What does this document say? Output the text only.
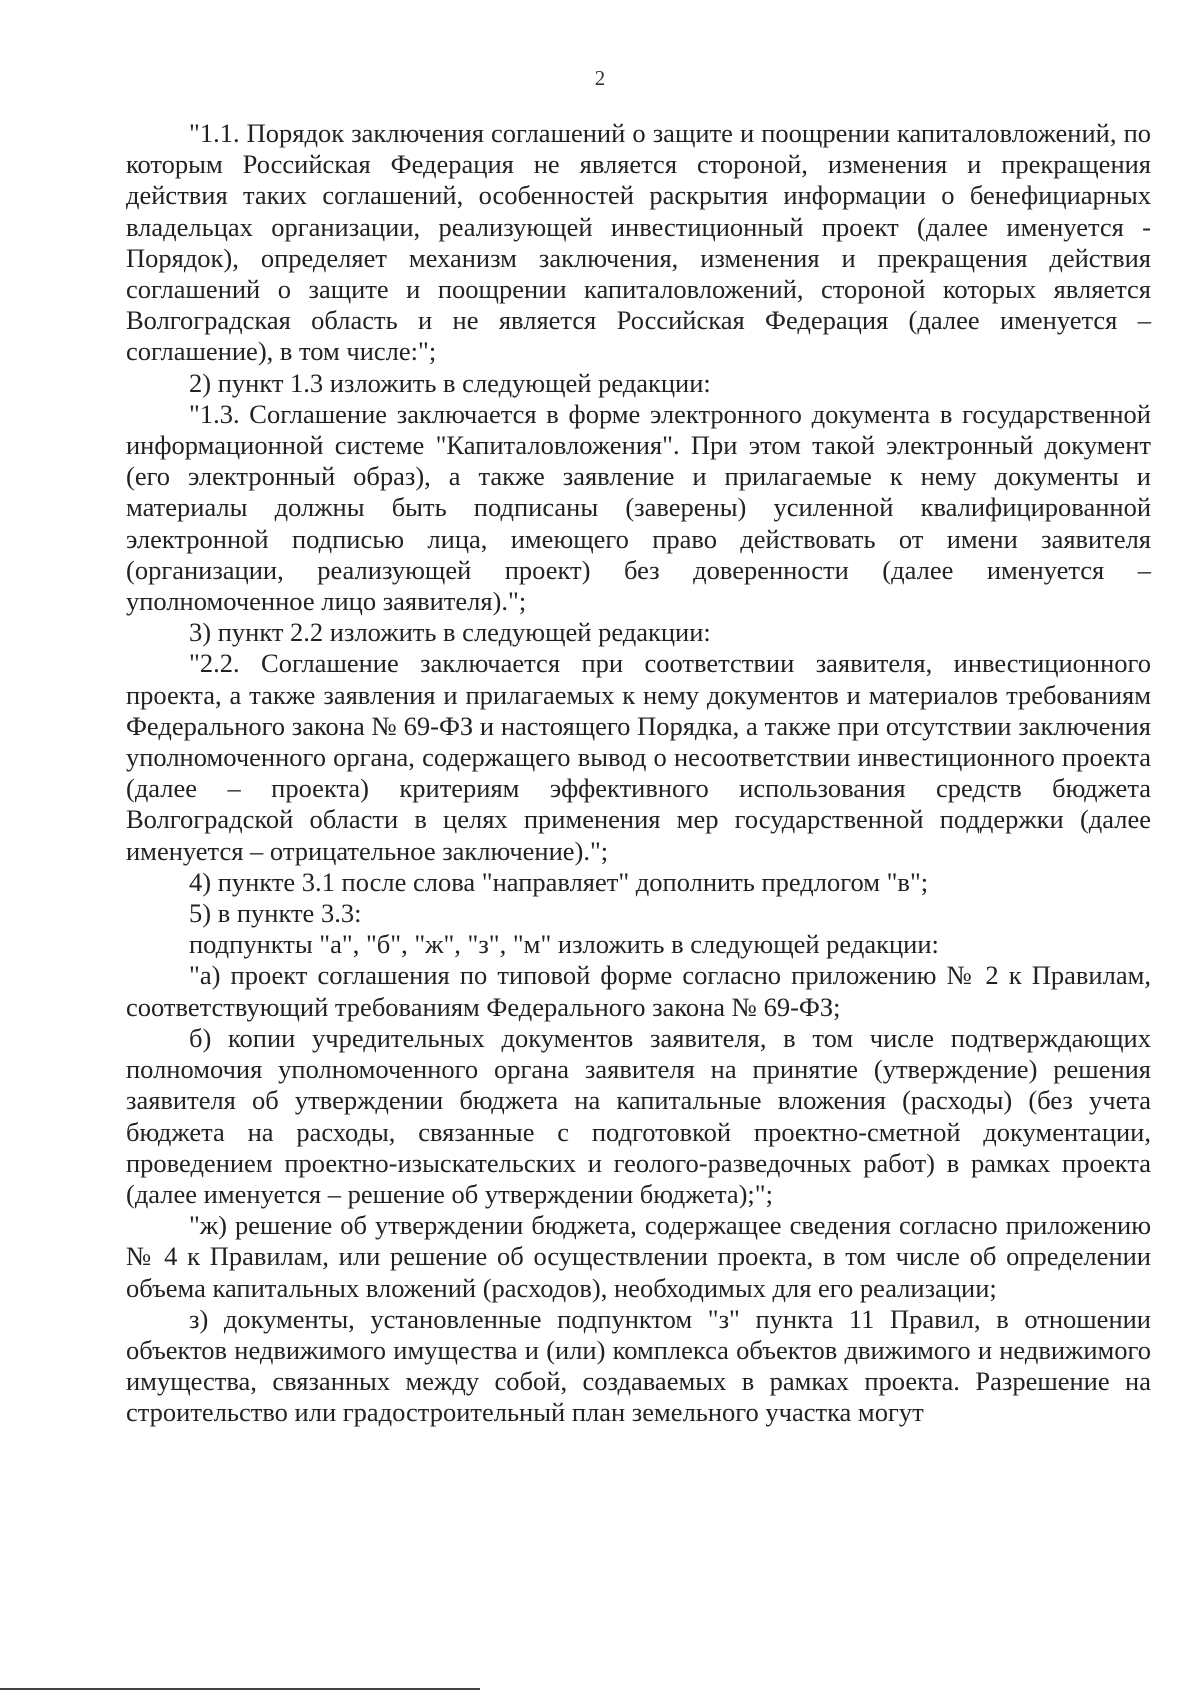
2

"1.1. Порядок заключения соглашений о защите и поощрении капиталовложений, по которым Российская Федерация не является стороной, изменения и прекращения действия таких соглашений, особенностей раскрытия информации о бенефициарных владельцах организации, реализующей инвестиционный проект (далее именуется - Порядок), определяет механизм заключения, изменения и прекращения действия соглашений о защите и поощрении капиталовложений, стороной которых является Волгоградская область и не является Российская Федерация (далее именуется – соглашение), в том числе:";

2) пункт 1.3 изложить в следующей редакции:

"1.3. Соглашение заключается в форме электронного документа в государственной информационной системе "Капиталовложения". При этом такой электронный документ (его электронный образ), а также заявление и прилагаемые к нему документы и материалы должны быть подписаны (заверены) усиленной квалифицированной электронной подписью лица, имеющего право действовать от имени заявителя (организации, реализующей проект) без доверенности (далее именуется – уполномоченное лицо заявителя).";

3) пункт 2.2 изложить в следующей редакции:

"2.2. Соглашение заключается при соответствии заявителя, инвестиционного проекта, а также заявления и прилагаемых к нему документов и материалов требованиям Федерального закона № 69-ФЗ и настоящего Порядка, а также при отсутствии заключения уполномоченного органа, содержащего вывод о несоответствии инвестиционного проекта (далее – проекта) критериям эффективного использования средств бюджета Волгоградской области в целях применения мер государственной поддержки (далее именуется – отрицательное заключение).";

4) пункте 3.1 после слова "направляет" дополнить предлогом "в";

5) в пункте 3.3:

подпункты "а", "б", "ж", "з", "м" изложить в следующей редакции:

"а) проект соглашения по типовой форме согласно приложению № 2 к Правилам, соответствующий требованиям Федерального закона № 69-ФЗ;

б) копии учредительных документов заявителя, в том числе подтверждающих полномочия уполномоченного органа заявителя на принятие (утверждение) решения заявителя об утверждении бюджета на капитальные вложения (расходы) (без учета бюджета на расходы, связанные с подготовкой проектно-сметной документации, проведением проектно-изыскательских и геолого-разведочных работ) в рамках проекта (далее именуется – решение об утверждении бюджета);";

"ж) решение об утверждении бюджета, содержащее сведения согласно приложению № 4 к Правилам, или решение об осуществлении проекта, в том числе об определении объема капитальных вложений (расходов), необходимых для его реализации;

з) документы, установленные подпунктом "з" пункта 11 Правил, в отношении объектов недвижимого имущества и (или) комплекса объектов движимого и недвижимого имущества, связанных между собой, создаваемых в рамках проекта. Разрешение на строительство или градостроительный план земельного участка могут
